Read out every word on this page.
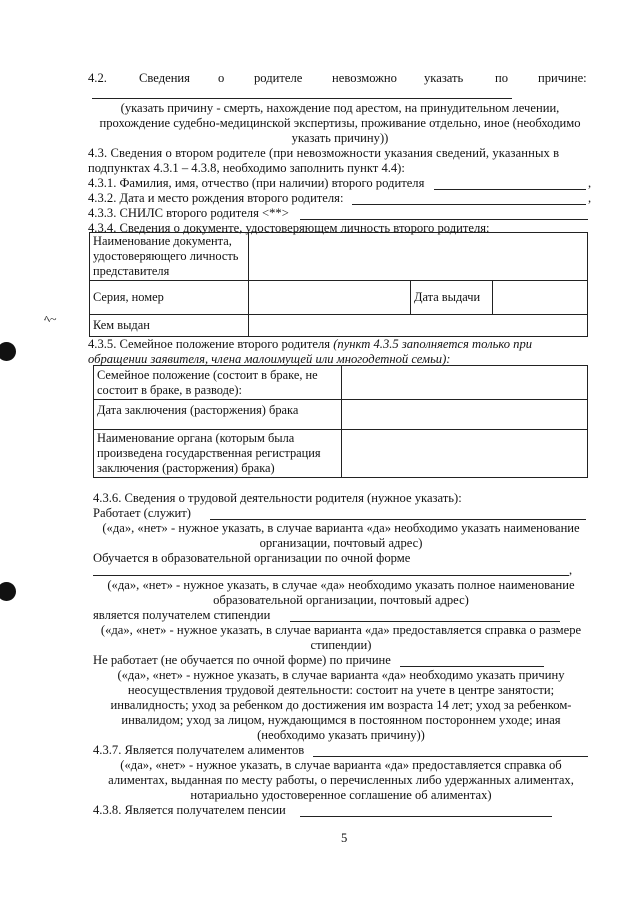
ﾍ~
4.2.	Сведения о родителе невозможно указать	по причине:
(указать причину - смерть, нахождение под арестом, на принудительном лечении,
прохождение судебно-медицинской экспертизы, проживание отдельно, иное (необходимо
указать причину))
4.3. Сведения о втором родителе (при невозможности указания сведений, указанных в
подпунктах 4.3.1 – 4.3.8, необходимо заполнить пункт 4.4):
4.3.1. Фамилия, имя, отчество (при наличии) второго родителя	,
4.3.2. Дата и место рождения второго родителя:	,
4.3.3. СНИЛС второго родителя <**>
4.3.4. Сведения о документе, удостоверяющем личность второго родителя:
Наименование документа,
удостоверяющего личность
представителя			

Серия, номер		Дата выдачи	
Кем выдан			
4.3.5. Семейное положение второго родителя (пункт 4.3.5 заполняется только при
обращении заявителя, члена малоимущей или многодетной семьи):
Семейное положение (состоит в браке, не
состоит в браке, в разводе):	

Дата заключения (расторжения) брака	

Наименование органа (которым была
произведена государственная регистрация
заключения (расторжения) брака)	

4.3.6. Сведения о трудовой деятельности родителя (нужное указать):
Работает (служит)
(«да», «нет» - нужное указать, в случае варианта «да» необходимо указать наименование
организации, почтовый адрес)
Обучается в образовательной организации по очной форме
,
(«да», «нет» - нужное указать, в случае «да» необходимо указать полное наименование
образовательной организации, почтовый адрес)
является получателем стипендии
(«да», «нет» - нужное указать, в случае варианта «да» предоставляется справка о размере
стипендии)
Не работает (не обучается по очной форме) по причине
(«да», «нет» - нужное указать, в случае варианта «да» необходимо указать причину
неосуществления трудовой деятельности: состоит на учете в центре занятости;
инвалидность; уход за ребенком до достижения им возраста 14 лет; уход за ребенком-
инвалидом; уход за лицом, нуждающимся в постоянном постороннем уходе; иная
(необходимо указать причину))
4.3.7. Является получателем алиментов
(«да», «нет» - нужное указать, в случае варианта «да» предоставляется справка об
алиментах, выданная по месту работы, о перечисленных либо удержанных алиментах,
нотариально удостоверенное соглашение об алиментах)
4.3.8. Является получателем пенсии
5
